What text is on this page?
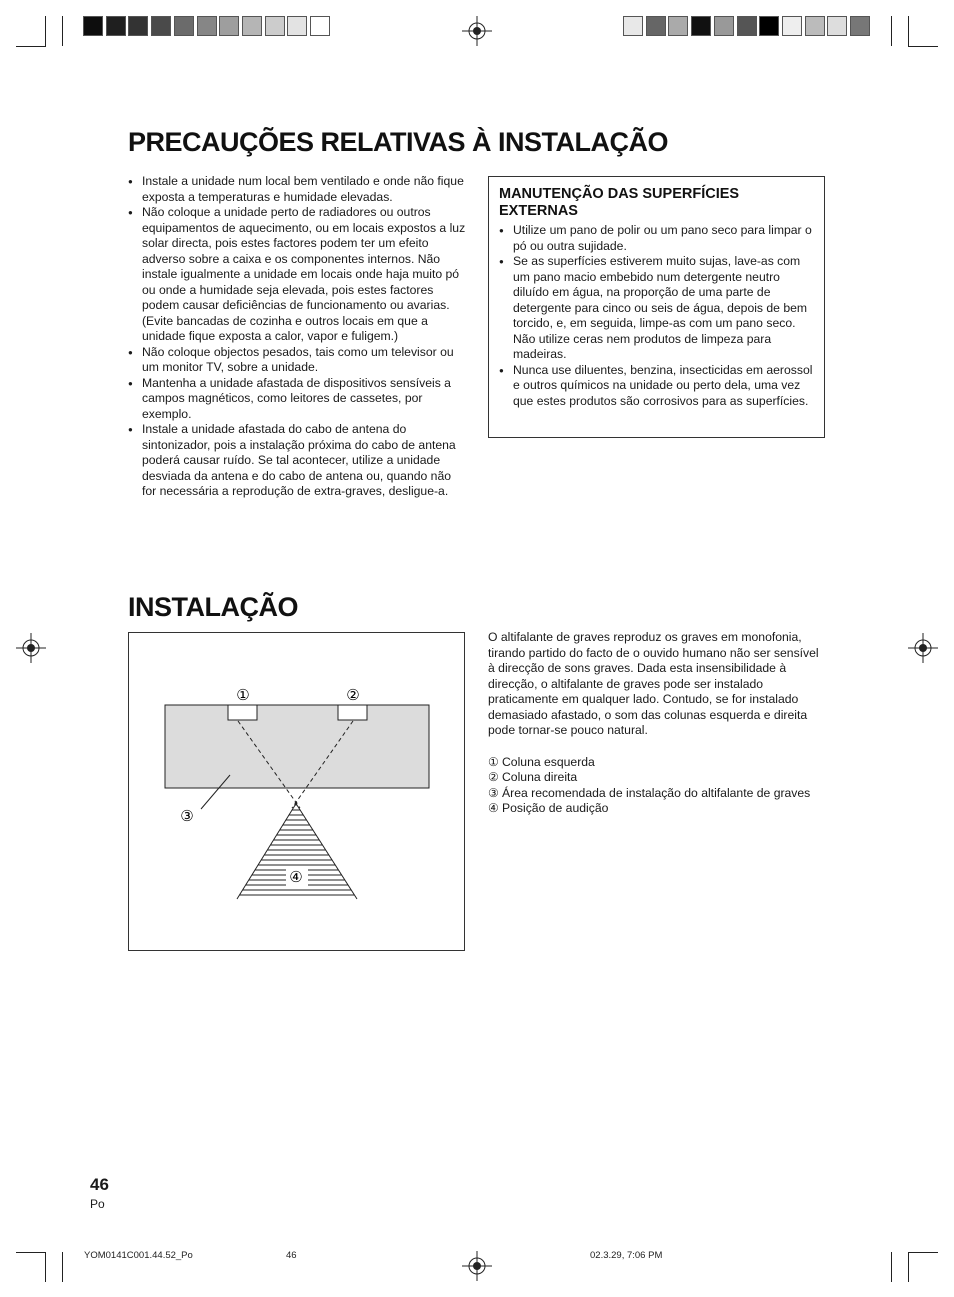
PRECAUÇÕES RELATIVAS À INSTALAÇÃO
● Instale a unidade num local bem ventilado e onde não fique exposta a temperaturas e humidade elevadas.
● Não coloque a unidade perto de radiadores ou outros equipamentos de aquecimento, ou em locais expostos a luz solar directa, pois estes factores podem ter um efeito adverso sobre a caixa e os componentes internos. Não instale igualmente a unidade em locais onde haja muito pó ou onde a humidade seja elevada, pois estes factores podem causar deficiências de funcionamento ou avarias. (Evite bancadas de cozinha e outros locais em que a unidade fique exposta a calor, vapor e fuligem.)
● Não coloque objectos pesados, tais como um televisor ou um monitor TV, sobre a unidade.
● Mantenha a unidade afastada de dispositivos sensíveis a campos magnéticos, como leitores de cassetes, por exemplo.
● Instale a unidade afastada do cabo de antena do sintonizador, pois a instalação próxima do cabo de antena poderá causar ruído. Se tal acontecer, utilize a unidade desviada da antena e do cabo de antena ou, quando não for necessária a reprodução de extra-graves, desligue-a.
MANUTENÇÃO DAS SUPERFÍCIES EXTERNAS
● Utilize um pano de polir ou um pano seco para limpar o pó ou outra sujidade.
● Se as superfícies estiverem muito sujas, lave-as com um pano macio embebido num detergente neutro diluído em água, na proporção de uma parte de detergente para cinco ou seis de água, depois de bem torcido, e, em seguida, limpe-as com um pano seco. Não utilize ceras nem produtos de limpeza para madeiras.
● Nunca use diluentes, benzina, insecticidas em aerossol e outros químicos na unidade ou perto dela, uma vez que estes produtos são corrosivos para as superfícies.
INSTALAÇÃO
①	②
③
④

O altifalante de graves reproduz os graves em monofonia, tirando partido do facto de o ouvido humano não ser sensível à direcção de sons graves. Dada esta insensibilidade à direcção, o altifalante de graves pode ser instalado praticamente em qualquer lado. Contudo, se for instalado demasiado afastado, o som das colunas esquerda e direita pode tornar-se pouco natural.

① Coluna esquerda
② Coluna direita
③ Área recomendada de instalação do altifalante de graves
④ Posição de audição
46
Po
YOM0141C001.44.52_Po	46	02.3.29, 7:06 PM
